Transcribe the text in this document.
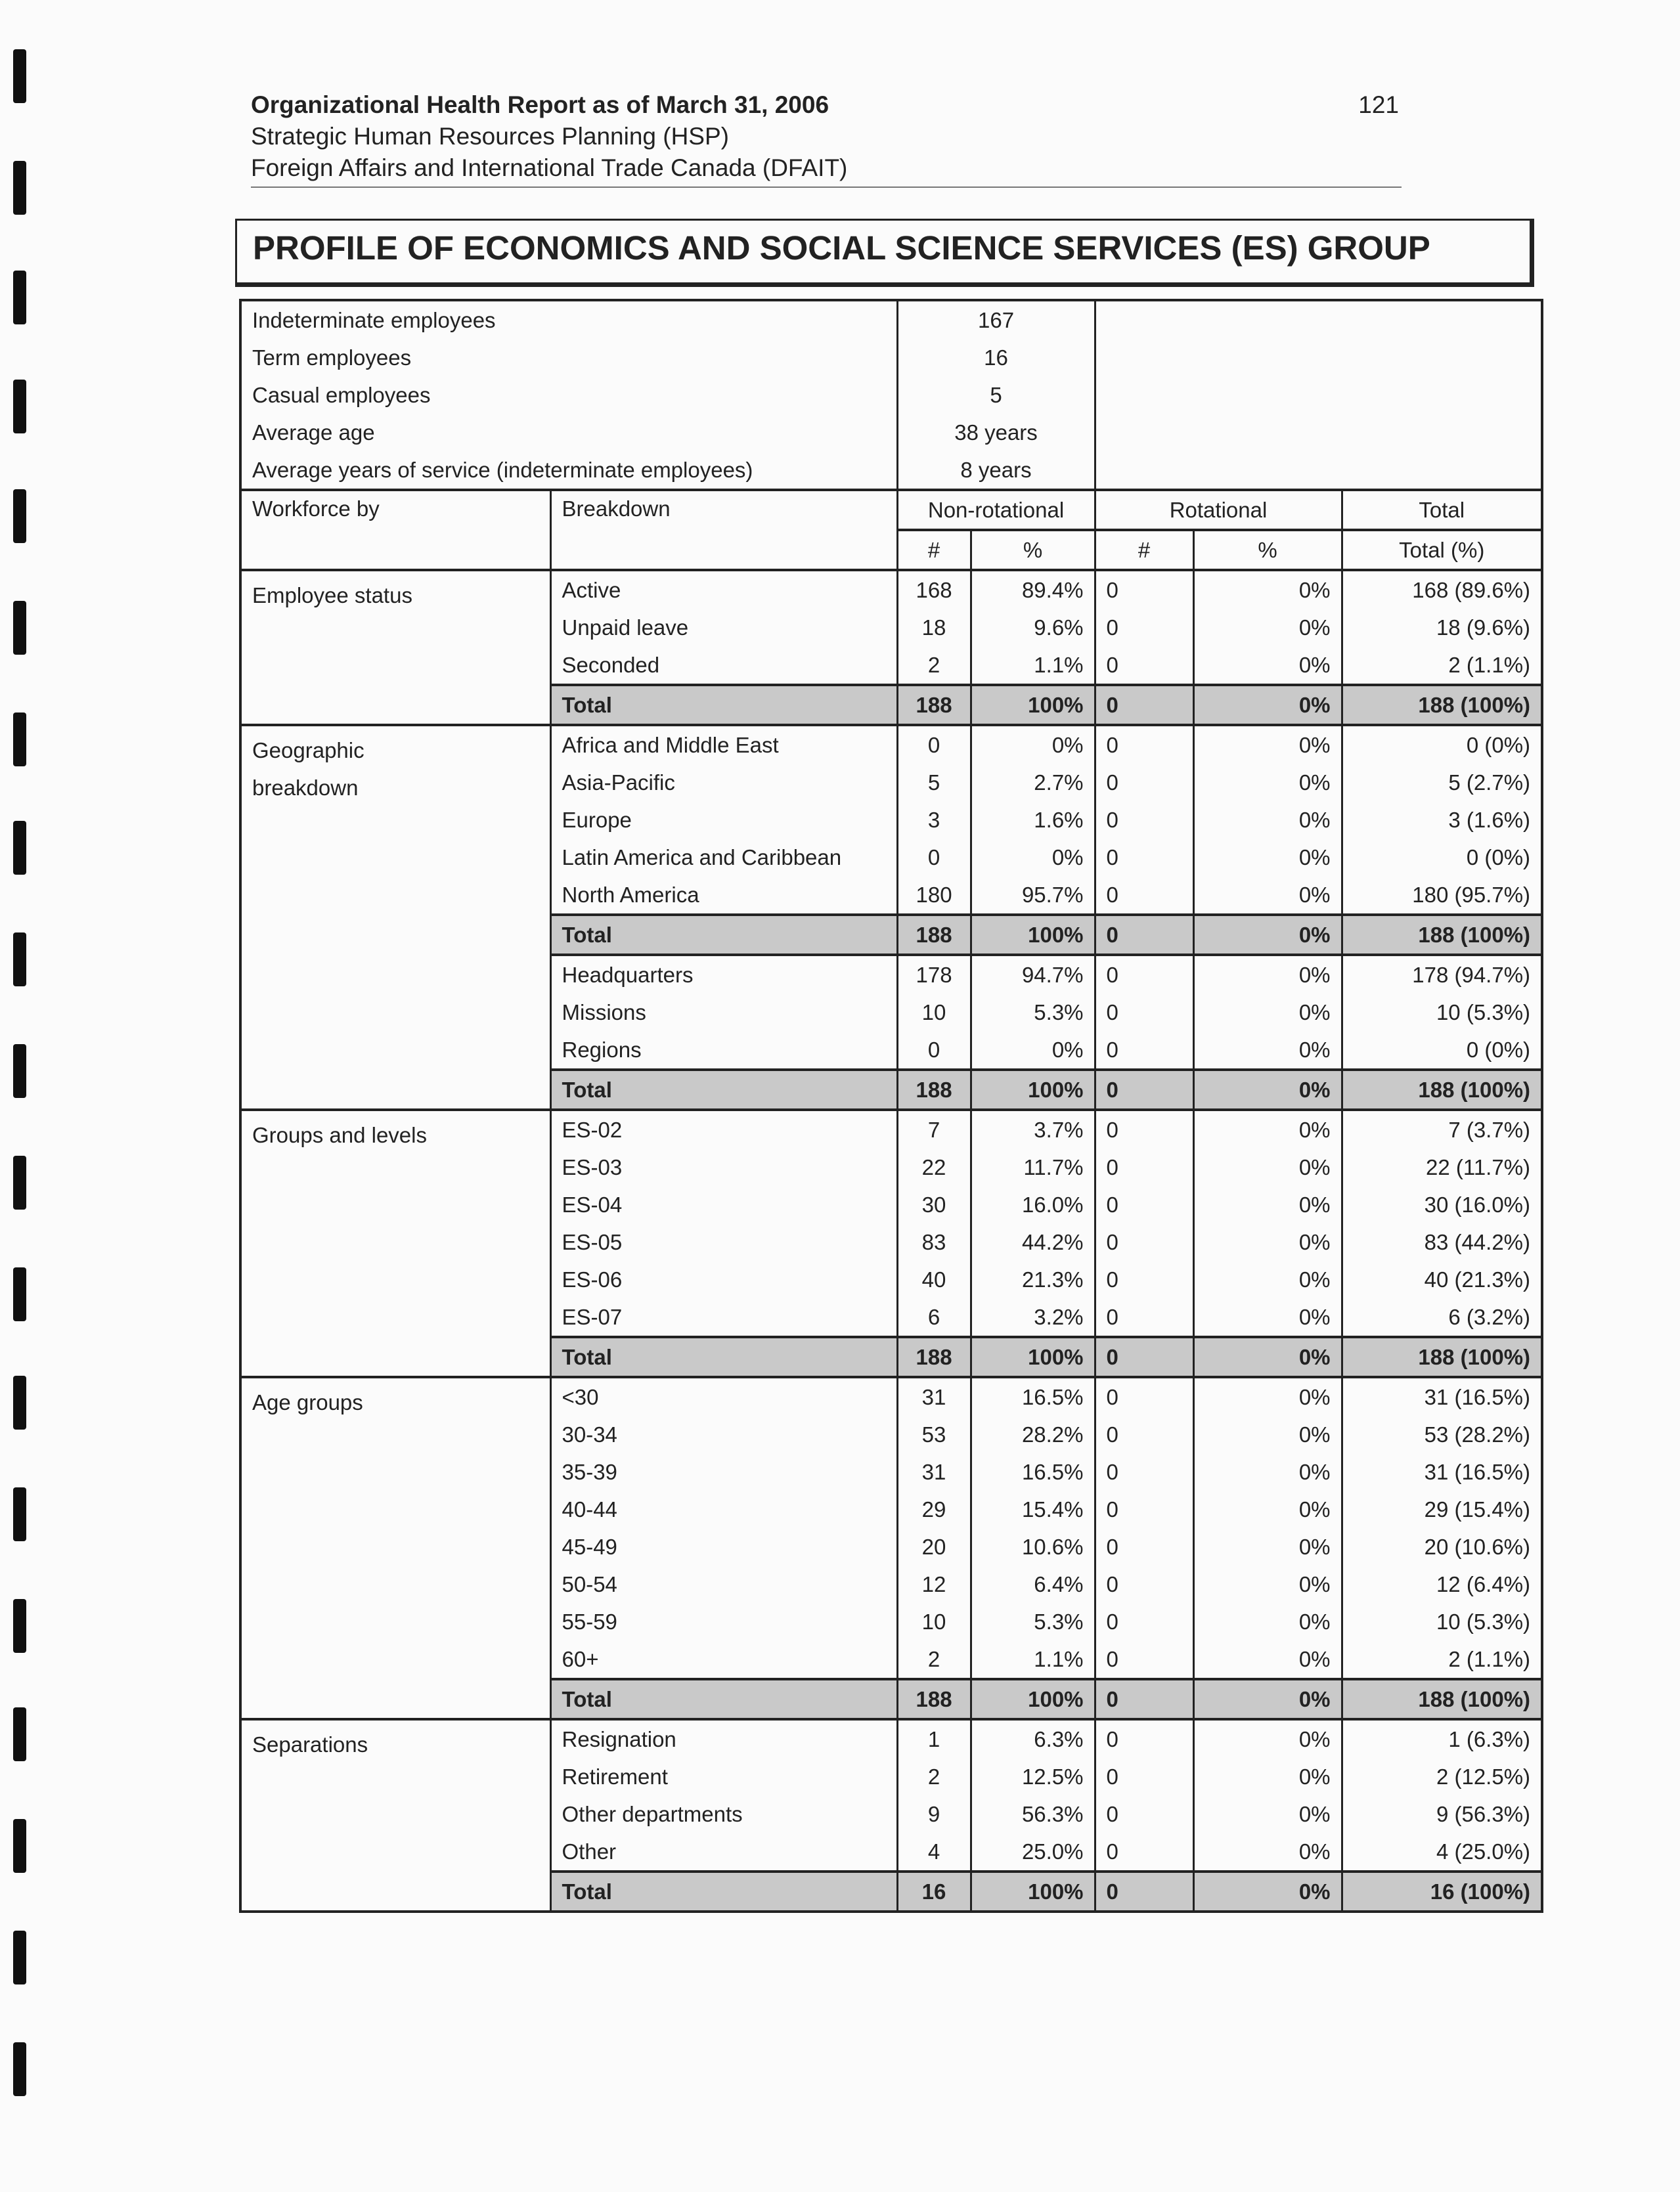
Organizational Health Report as of March 31, 2006
Strategic Human Resources Planning (HSP)
Foreign Affairs and International Trade Canada (DFAIT)
121
PROFILE OF ECONOMICS AND SOCIAL SCIENCE SERVICES (ES) GROUP
Indeterminate employees		167				
Term employees		16				
Casual employees		5				
Average age		38 years				
Average years of service (indeterminate employees)		8 years				
Workforce by	Breakdown	Non-rotational		Rotational		Total
		#	%	#	%	Total (%)

Employee status	Active	168	89.4%	0	0%	168 (89.6%)
	Unpaid leave	18	9.6%	0	0%	18 (9.6%)
	Seconded	2	1.1%	0	0%	2 (1.1%)
	Total	188	100%	0	0%	188 (100%)

Geographic
breakdown	Africa and Middle East	0	0%	0	0%	0 (0%)
	Asia-Pacific	5	2.7%	0	0%	5 (2.7%)
	Europe	3	1.6%	0	0%	3 (1.6%)
	Latin America and Caribbean	0	0%	0	0%	0 (0%)
	North America	180	95.7%	0	0%	180 (95.7%)
	Total	188	100%	0	0%	188 (100%)
	Headquarters	178	94.7%	0	0%	178 (94.7%)
	Missions	10	5.3%	0	0%	10 (5.3%)
	Regions	0	0%	0	0%	0 (0%)
	Total	188	100%	0	0%	188 (100%)

Groups and levels	ES-02	7	3.7%	0	0%	7 (3.7%)
	ES-03	22	11.7%	0	0%	22 (11.7%)
	ES-04	30	16.0%	0	0%	30 (16.0%)
	ES-05	83	44.2%	0	0%	83 (44.2%)
	ES-06	40	21.3%	0	0%	40 (21.3%)
	ES-07	6	3.2%	0	0%	6 (3.2%)
	Total	188	100%	0	0%	188 (100%)

Age groups	<30	31	16.5%	0	0%	31 (16.5%)
	30-34	53	28.2%	0	0%	53 (28.2%)
	35-39	31	16.5%	0	0%	31 (16.5%)
	40-44	29	15.4%	0	0%	29 (15.4%)
	45-49	20	10.6%	0	0%	20 (10.6%)
	50-54	12	6.4%	0	0%	12 (6.4%)
	55-59	10	5.3%	0	0%	10 (5.3%)
	60+	2	1.1%	0	0%	2 (1.1%)
	Total	188	100%	0	0%	188 (100%)

Separations	Resignation	1	6.3%	0	0%	1 (6.3%)
	Retirement	2	12.5%	0	0%	2 (12.5%)
	Other departments	9	56.3%	0	0%	9 (56.3%)
	Other	4	25.0%	0	0%	4 (25.0%)
	Total	16	100%	0	0%	16 (100%)
